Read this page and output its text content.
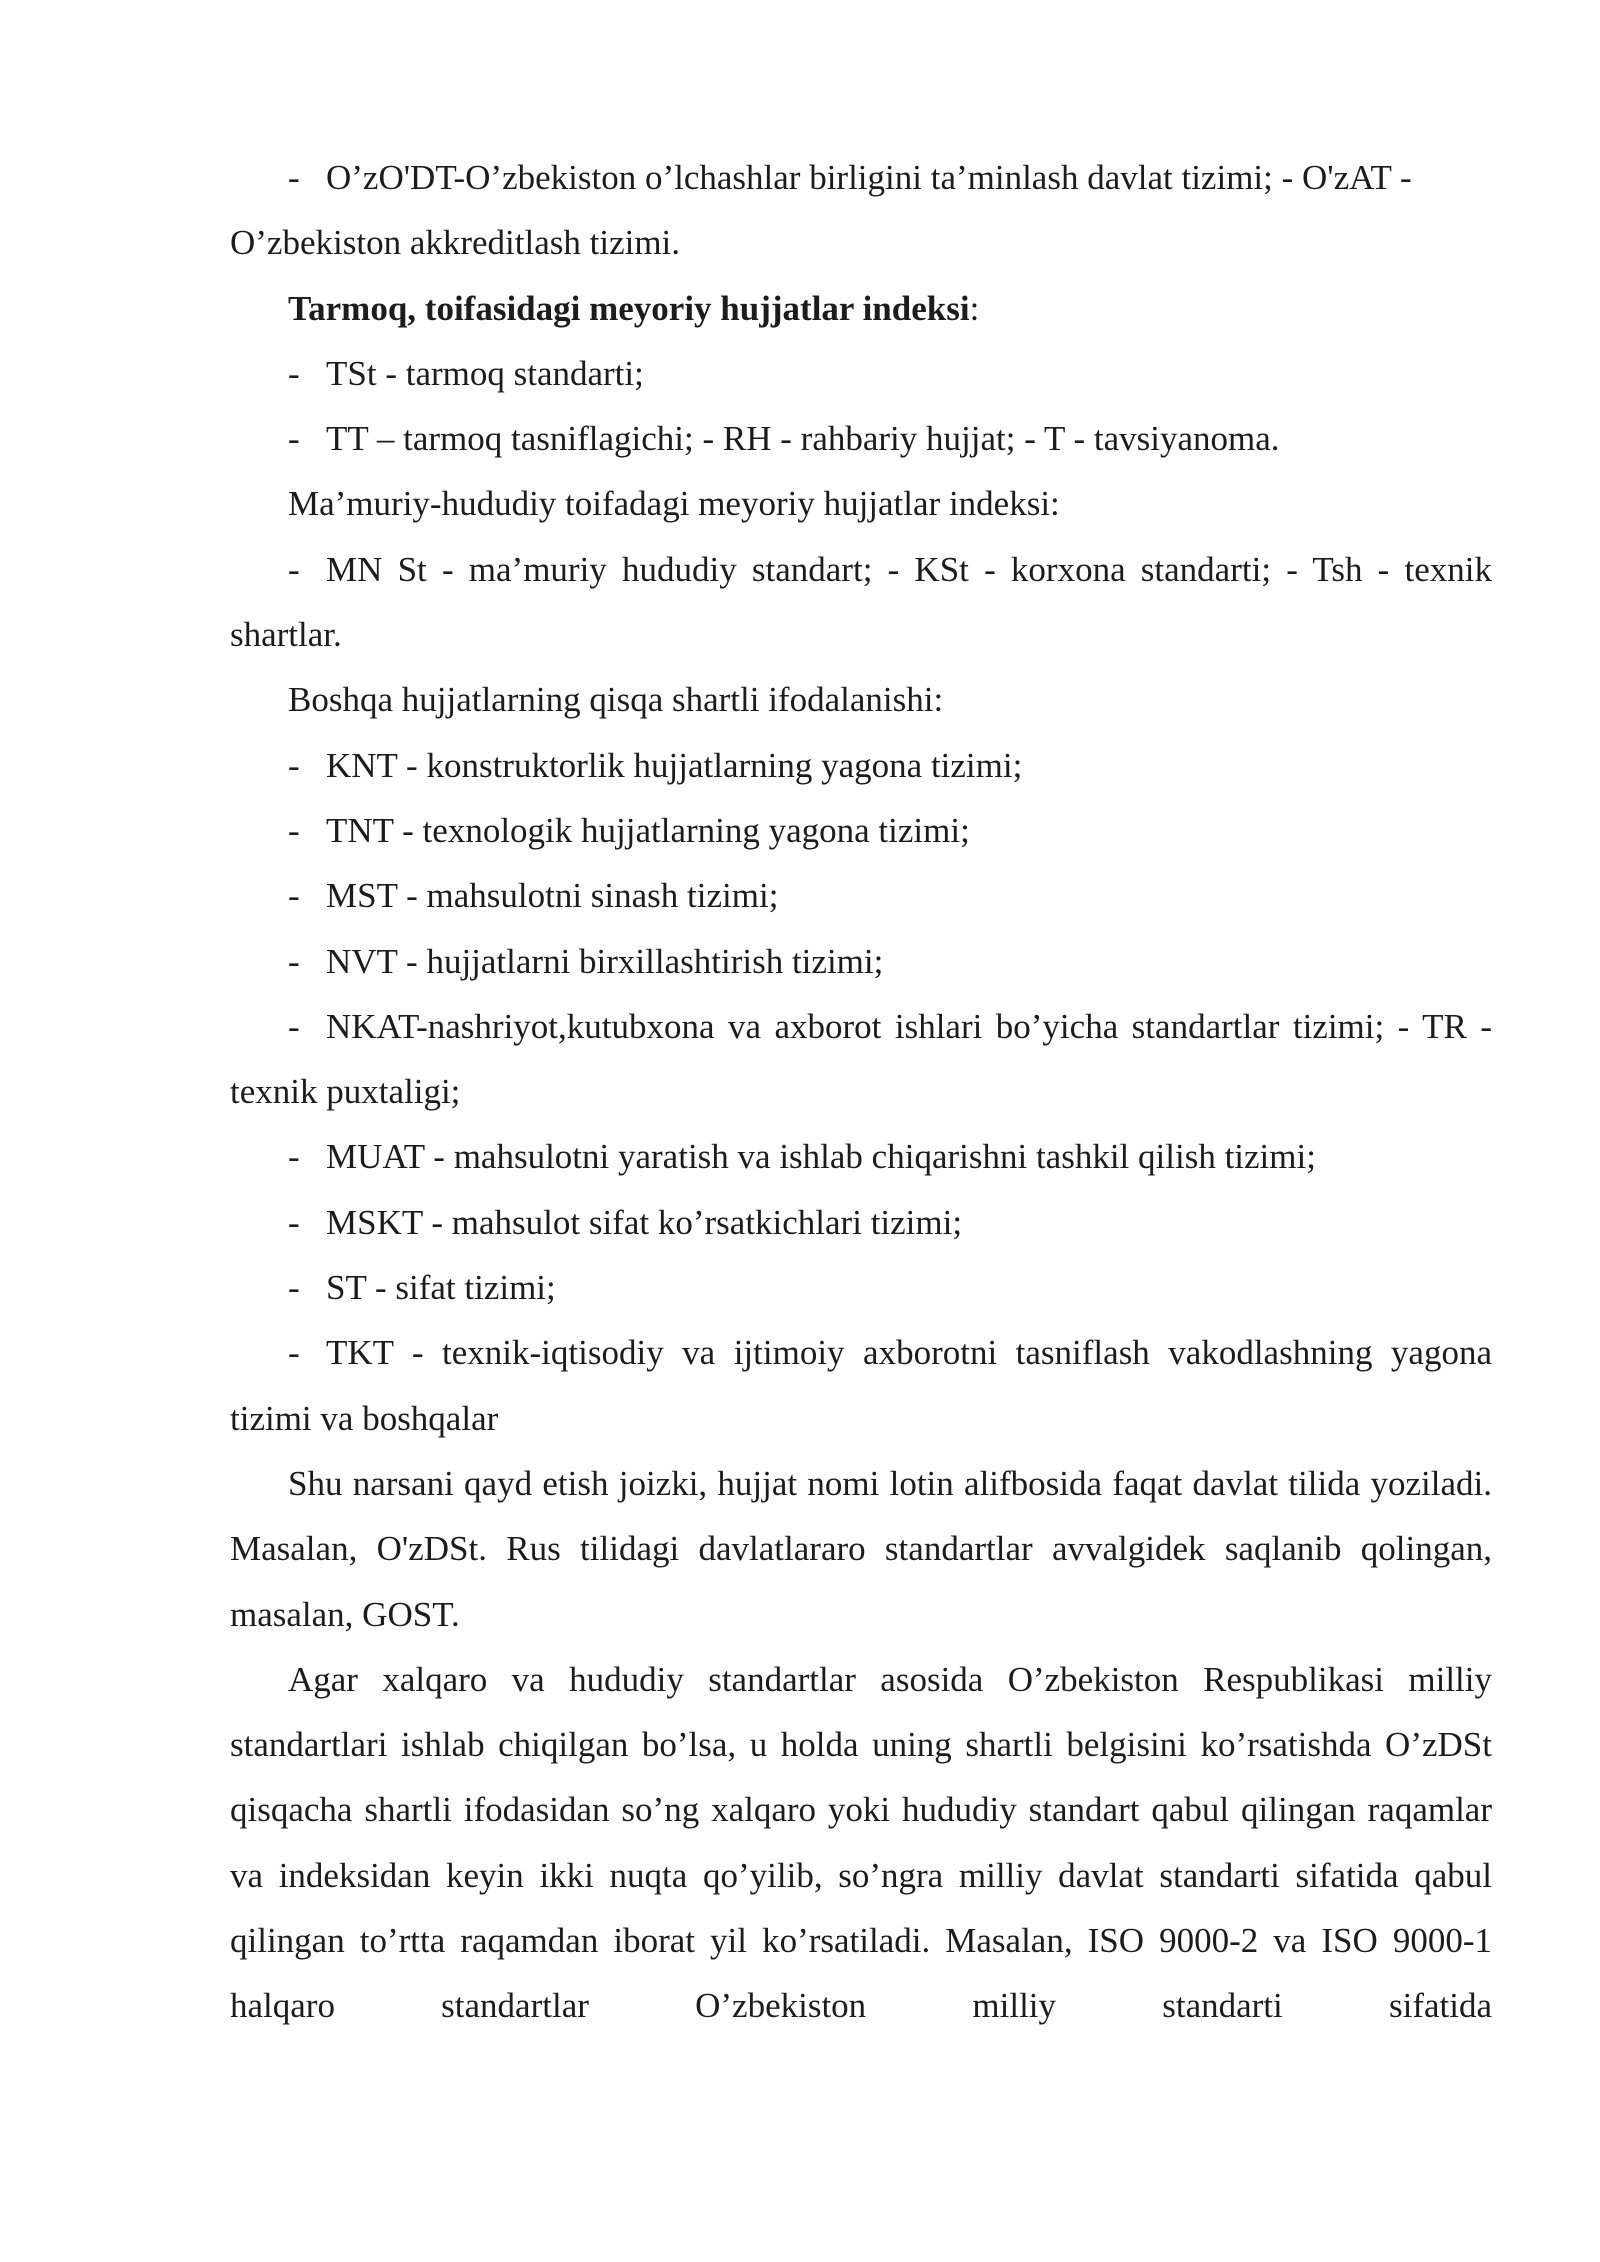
- O’zO'DT-O’zbekiston o’lchashlar birligini ta’minlash davlat tizimi; - O'zAT -
O’zbekiston akkreditlash tizimi.

Tarmoq, toifasidagi meyoriy hujjatlar indeksi:

- TSt - tarmoq standarti;

- TT – tarmoq tasniflagichi; - RH - rahbariy hujjat; - T - tavsiyanoma.

Ma’muriy-hududiy toifadagi meyoriy hujjatlar indeksi:

- MN St - ma’muriy hududiy standart; - KSt - korxona standarti; - Tsh - texnik shartlar.

Boshqa hujjatlarning qisqa shartli ifodalanishi:

- KNT - konstruktorlik hujjatlarning yagona tizimi;

- TNT - texnologik hujjatlarning yagona tizimi;

- MST - mahsulotni sinash tizimi;

- NVT - hujjatlarni birxillashtirish tizimi;

- NKAT-nashriyot,kutubxona va axborot ishlari bo’yicha standartlar tizimi; - TR - texnik puxtaligi;

- MUAT - mahsulotni yaratish va ishlab chiqarishni tashkil qilish tizimi;

- MSKT - mahsulot sifat ko’rsatkichlari tizimi;

- ST - sifat tizimi;

- TKT - texnik-iqtisodiy va ijtimoiy axborotni tasniflash vakodlashning yagona tizimi va boshqalar

Shu narsani qayd etish joizki, hujjat nomi lotin alifbosida faqat davlat tilida yoziladi. Masalan, O'zDSt. Rus tilidagi davlatlararo standartlar avvalgidek saqlanib qolingan, masalan, GOST.

Agar xalqaro va hududiy standartlar asosida O’zbekiston Respublikasi milliy standartlari ishlab chiqilgan bo’lsa, u holda uning shartli belgisini ko’rsatishda O’zDSt qisqacha shartli ifodasidan so’ng xalqaro yoki hududiy standart qabul qilingan raqamlar va indeksidan keyin ikki nuqta qo’yilib, so’ngra milliy davlat standarti sifatida qabul qilingan to’rtta raqamdan iborat yil ko’rsatiladi. Masalan, ISO 9000-2 va ISO 9000-1 halqaro standartlar O’zbekiston milliy standarti sifatida
